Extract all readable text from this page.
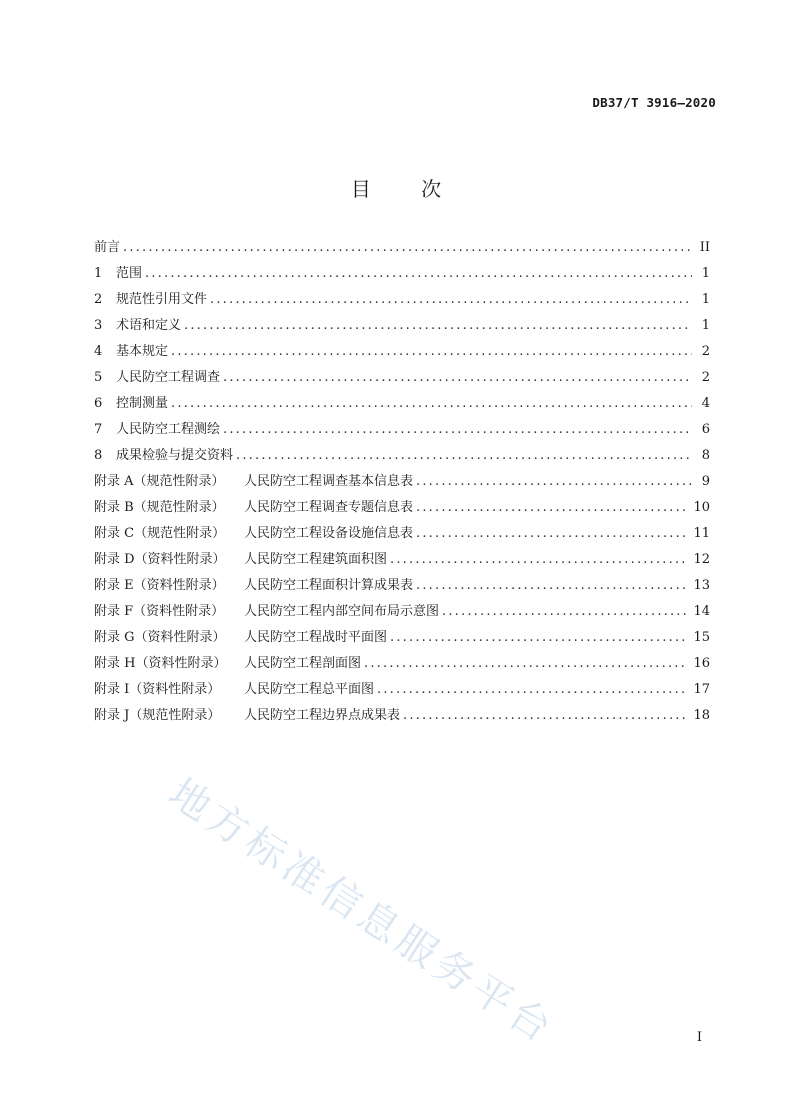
DB37/T 3916—2020
目 次
前言 .....	II
1	范围 .....	1
2	规范性引用文件 .....	1
3	术语和定义 .....	1
4	基本规定 .....	2
5	人民防空工程调查 .....	2
6	控制测量 .....	4
7	人民防空工程测绘 .....	6
8	成果检验与提交资料 .....	8
附录 A（规范性附录）	人民防空工程调查基本信息表 .....	9
附录 B（规范性附录）	人民防空工程调查专题信息表 .....	10
附录 C（规范性附录）	人民防空工程设备设施信息表 .....	11
附录 D（资料性附录）	人民防空工程建筑面积图 .....	12
附录 E（资料性附录）	人民防空工程面积计算成果表 .....	13
附录 F（资料性附录）	人民防空工程内部空间布局示意图 .....	14
附录 G（资料性附录）	人民防空工程战时平面图 .....	15
附录 H（资料性附录）	人民防空工程剖面图 .....	16
附录 I（资料性附录）	人民防空工程总平面图 .....	17
附录 J（规范性附录）	人民防空工程边界点成果表 .....	18
地方标准信息服务平台	I
